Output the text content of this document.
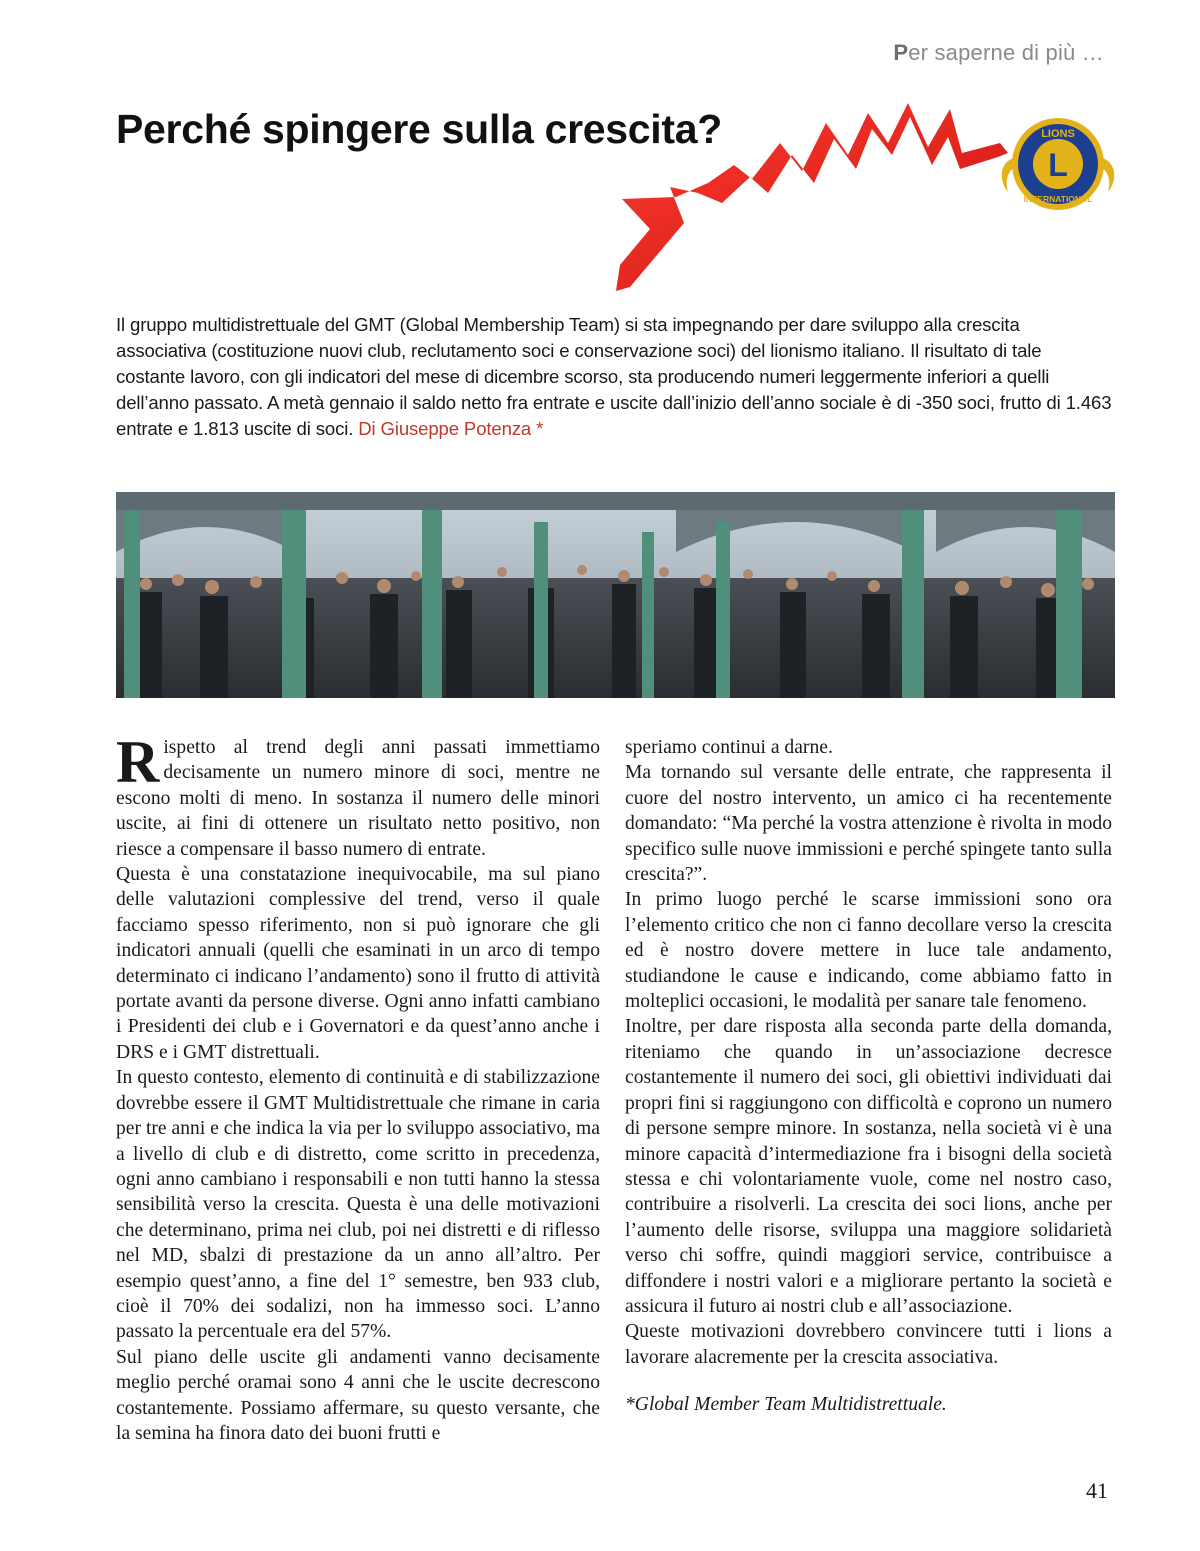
Per saperne di più …
Perché spingere sulla crescita?	LIONS
L
INTERNATIONAL

Il gruppo multidistrettuale del GMT (Global Membership Team) si sta impegnando per dare sviluppo alla crescita associativa (costituzione nuovi club, reclutamento soci e conservazione soci) del lionismo italiano. Il risultato di tale costante lavoro, con gli indicatori del mese di dicembre scorso, sta producendo numeri leggermente inferiori a quelli dell’anno passato. A metà gennaio il saldo netto fra entrate e uscite dall’inizio dell’anno sociale è di -350 soci, frutto di 1.463 entrate e 1.813 uscite di soci. Di Giuseppe Potenza *

Rispetto al trend degli anni passati immettiamo decisamente un numero minore di soci, mentre ne escono molti di meno. In sostanza il numero delle minori uscite, ai fini di ottenere un risultato netto positivo, non riesce a compensare il basso numero di entrate.

Questa è una constatazione inequivocabile, ma sul piano delle valutazioni complessive del trend, verso il quale facciamo spesso riferimento, non si può ignorare che gli indicatori annuali (quelli che esaminati in un arco di tempo determinato ci indicano l’andamento) sono il frutto di attività portate avanti da persone diverse. Ogni anno infatti cambiano i Presidenti dei club e i Governatori e da quest’anno anche i DRS e i GMT distrettuali.

In questo contesto, elemento di continuità e di stabilizzazione dovrebbe essere il GMT Multidistrettuale che rimane in caria per tre anni e che indica la via per lo sviluppo associativo, ma a livello di club e di distretto, come scritto in precedenza, ogni anno cambiano i responsabili e non tutti hanno la stessa sensibilità verso la crescita. Questa è una delle motivazioni che determinano, prima nei club, poi nei distretti e di riflesso nel MD, sbalzi di prestazione da un anno all’altro. Per esempio quest’anno, a fine del 1° semestre, ben 933 club, cioè il 70% dei sodalizi, non ha immesso soci. L’anno passato la percentuale era del 57%.

Sul piano delle uscite gli andamenti vanno decisamente meglio perché oramai sono 4 anni che le uscite decrescono costantemente. Possiamo affermare, su questo versante, che la semina ha finora dato dei buoni frutti e

speriamo continui a darne.

Ma tornando sul versante delle entrate, che rappresenta il cuore del nostro intervento, un amico ci ha recentemente domandato: “Ma perché la vostra attenzione è rivolta in modo specifico sulle nuove immissioni e perché spingete tanto sulla crescita?”.

In primo luogo perché le scarse immissioni sono ora l’elemento critico che non ci fanno decollare verso la crescita ed è nostro dovere mettere in luce tale andamento, studiandone le cause e indicando, come abbiamo fatto in molteplici occasioni, le modalità per sanare tale fenomeno.

Inoltre, per dare risposta alla seconda parte della domanda, riteniamo che quando in un’associazione decresce costantemente il numero dei soci, gli obiettivi individuati dai propri fini si raggiungono con difficoltà e coprono un numero di persone sempre minore. In sostanza, nella società vi è una minore capacità d’intermediazione fra i bisogni della società stessa e chi volontariamente vuole, come nel nostro caso, contribuire a risolverli. La crescita dei soci lions, anche per l’aumento delle risorse, sviluppa una maggiore solidarietà verso chi soffre, quindi maggiori service, contribuisce a diffondere i nostri valori e a migliorare pertanto la società e assicura il futuro ai nostri club e all’associazione.

Queste motivazioni dovrebbero convincere tutti i lions a lavorare alacremente per la crescita associativa.

*Global Member Team Multidistrettuale.

41
